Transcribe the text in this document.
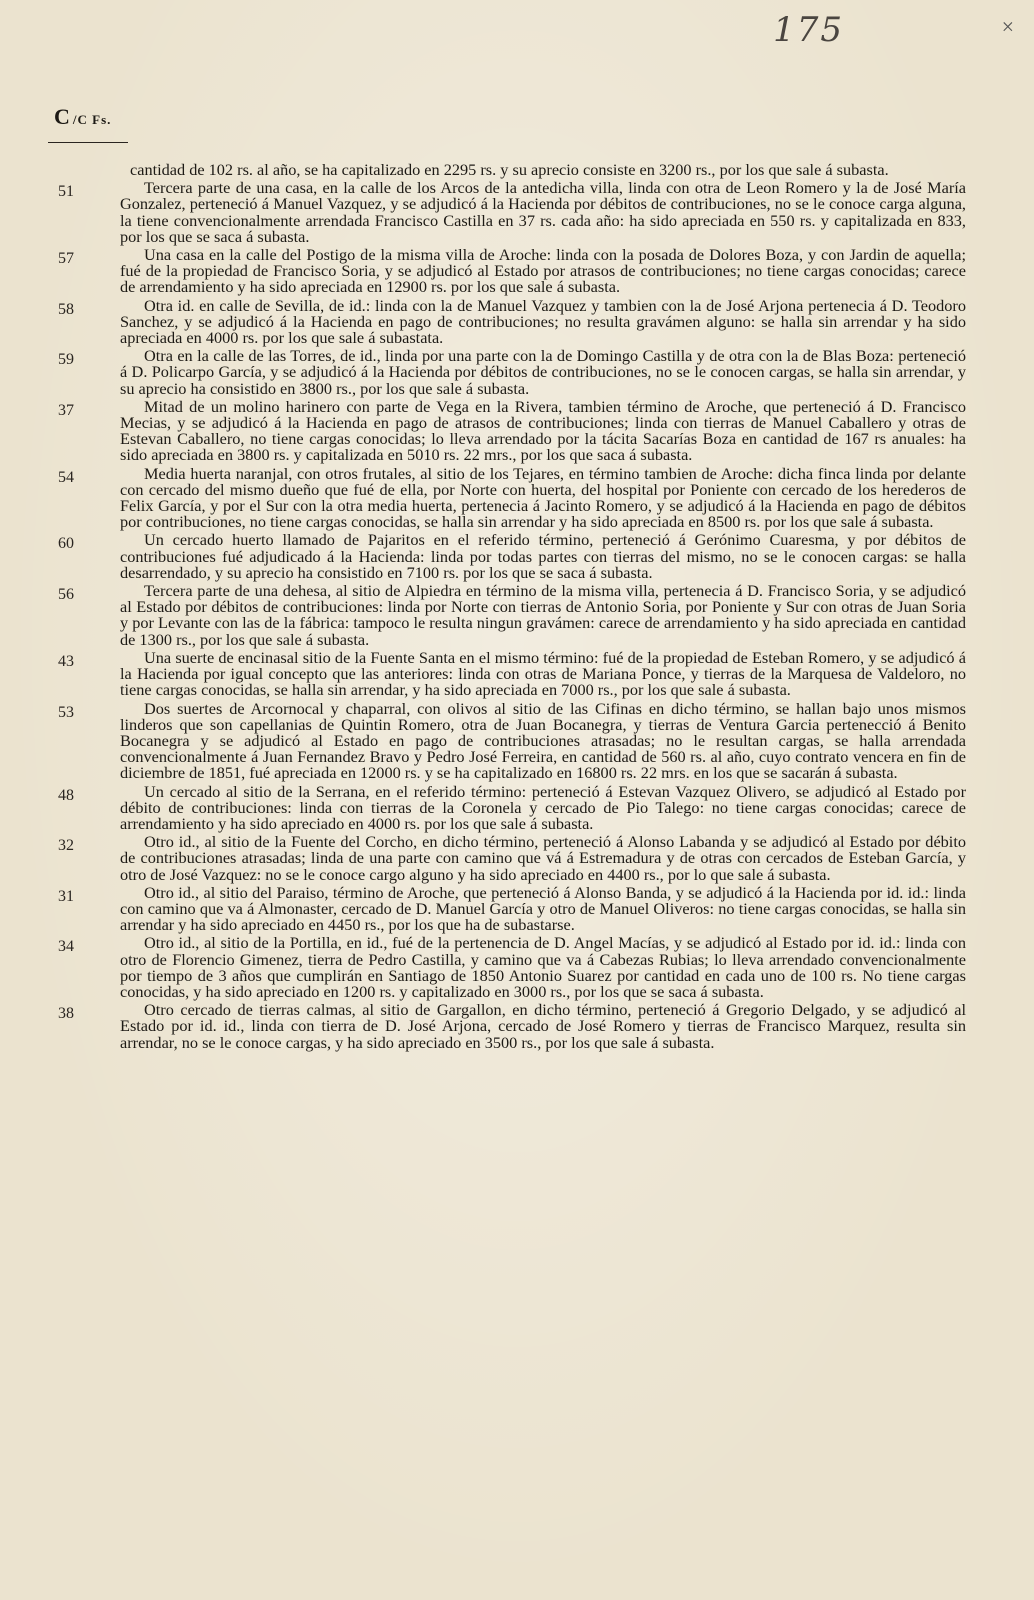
175	×
C /C Fs.

cantidad de 102 rs. al año, se ha capitalizado en 2295 rs. y su aprecio consiste en 3200 rs., por los que sale á subasta.

51	Tercera parte de una casa, en la calle de los Arcos de la antedicha villa, linda con otra de Leon Romero y la de José María Gonzalez, perteneció á Manuel Vazquez, y se adjudicó á la Hacienda por débitos de contribuciones, no se le conoce carga alguna, la tiene convencionalmente arrendada Francisco Castilla en 37 rs. cada año: ha sido apreciada en 550 rs. y capitalizada en 833, por los que se saca á subasta.

57	Una casa en la calle del Postigo de la misma villa de Aroche: linda con la posada de Dolores Boza, y con Jardin de aquella; fué de la propiedad de Francisco Soria, y se adjudicó al Estado por atrasos de contribuciones; no tiene cargas conocidas; carece de arrendamiento y ha sido apreciada en 12900 rs. por los que sale á subasta.

58	Otra id. en calle de Sevilla, de id.: linda con la de Manuel Vazquez y tambien con la de José Arjona pertenecia á D. Teodoro Sanchez, y se adjudicó á la Hacienda en pago de contribuciones; no resulta gravámen alguno: se halla sin arrendar y ha sido apreciada en 4000 rs. por los que sale á subastata.

59	Otra en la calle de las Torres, de id., linda por una parte con la de Domingo Castilla y de otra con la de Blas Boza: perteneció á D. Policarpo García, y se adjudicó á la Hacienda por débitos de contribuciones, no se le conocen cargas, se halla sin arrendar, y su aprecio ha consistido en 3800 rs., por los que sale á subasta.

37	Mitad de un molino harinero con parte de Vega en la Rivera, tambien término de Aroche, que perteneció á D. Francisco Mecias, y se adjudicó á la Hacienda en pago de atrasos de contribuciones; linda con tierras de Manuel Caballero y otras de Estevan Caballero, no tiene cargas conocidas; lo lleva arrendado por la tácita Sacarías Boza en cantidad de 167 rs anuales: ha sido apreciada en 3800 rs. y capitalizada en 5010 rs. 22 mrs., por los que saca á subasta.

54	Media huerta naranjal, con otros frutales, al sitio de los Tejares, en término tambien de Aroche: dicha finca linda por delante con cercado del mismo dueño que fué de ella, por Norte con huerta, del hospital por Poniente con cercado de los herederos de Felix García, y por el Sur con la otra media huerta, pertenecia á Jacinto Romero, y se adjudicó á la Hacienda en pago de débitos por contribuciones, no tiene cargas conocidas, se halla sin arrendar y ha sido apreciada en 8500 rs. por los que sale á subasta.

60	Un cercado huerto llamado de Pajaritos en el referido término, perteneció á Gerónimo Cuaresma, y por débitos de contribuciones fué adjudicado á la Hacienda: linda por todas partes con tierras del mismo, no se le conocen cargas: se halla desarrendado, y su aprecio ha consistido en 7100 rs. por los que se saca á subasta.

56	Tercera parte de una dehesa, al sitio de Alpiedra en término de la misma villa, pertenecia á D. Francisco Soria, y se adjudicó al Estado por débitos de contribuciones: linda por Norte con tierras de Antonio Soria, por Poniente y Sur con otras de Juan Soria y por Levante con las de la fábrica: tampoco le resulta ningun gravámen: carece de arrendamiento y ha sido apreciada en cantidad de 1300 rs., por los que sale á subasta.

43	Una suerte de encinasal sitio de la Fuente Santa en el mismo término: fué de la propiedad de Esteban Romero, y se adjudicó á la Hacienda por igual concepto que las anteriores: linda con otras de Mariana Ponce, y tierras de la Marquesa de Valdeloro, no tiene cargas conocidas, se halla sin arrendar, y ha sido apreciada en 7000 rs., por los que sale á subasta.

53	Dos suertes de Arcornocal y chaparral, con olivos al sitio de las Cifinas en dicho término, se hallan bajo unos mismos linderos que son capellanias de Quintin Romero, otra de Juan Bocanegra, y tierras de Ventura Garcia pertenecció á Benito Bocanegra y se adjudicó al Estado en pago de contribuciones atrasadas; no le resultan cargas, se halla arrendada convencionalmente á Juan Fernandez Bravo y Pedro José Ferreira, en cantidad de 560 rs. al año, cuyo contrato vencera en fin de diciembre de 1851, fué apreciada en 12000 rs. y se ha capitalizado en 16800 rs. 22 mrs. en los que se sacarán á subasta.

48	Un cercado al sitio de la Serrana, en el referido término: perteneció á Estevan Vazquez Olivero, se adjudicó al Estado por débito de contribuciones: linda con tierras de la Coronela y cercado de Pio Talego: no tiene cargas conocidas; carece de arrendamiento y ha sido apreciado en 4000 rs. por los que sale á subasta.

32	Otro id., al sitio de la Fuente del Corcho, en dicho término, perteneció á Alonso Labanda y se adjudicó al Estado por débito de contribuciones atrasadas; linda de una parte con camino que vá á Estremadura y de otras con cercados de Esteban García, y otro de José Vazquez: no se le conoce cargo alguno y ha sido apreciado en 4400 rs., por lo que sale á subasta.

31	Otro id., al sitio del Paraiso, término de Aroche, que perteneció á Alonso Banda, y se adjudicó á la Hacienda por id. id.: linda con camino que va á Almonaster, cercado de D. Manuel García y otro de Manuel Oliveros: no tiene cargas conocidas, se halla sin arrendar y ha sido apreciado en 4450 rs., por los que ha de subastarse.

34	Otro id., al sitio de la Portilla, en id., fué de la pertenencia de D. Angel Macías, y se adjudicó al Estado por id. id.: linda con otro de Florencio Gimenez, tierra de Pedro Castilla, y camino que va á Cabezas Rubias; lo lleva arrendado convencionalmente por tiempo de 3 años que cumplirán en Santiago de 1850 Antonio Suarez por cantidad en cada uno de 100 rs. No tiene cargas conocidas, y ha sido apreciado en 1200 rs. y capitalizado en 3000 rs., por los que se saca á subasta.

38	Otro cercado de tierras calmas, al sitio de Gargallon, en dicho término, perteneció á Gregorio Delgado, y se adjudicó al Estado por id. id., linda con tierra de D. José Arjona, cercado de José Romero y tierras de Francisco Marquez, resulta sin arrendar, no se le conoce cargas, y ha sido apreciado en 3500 rs., por los que sale á subasta.
